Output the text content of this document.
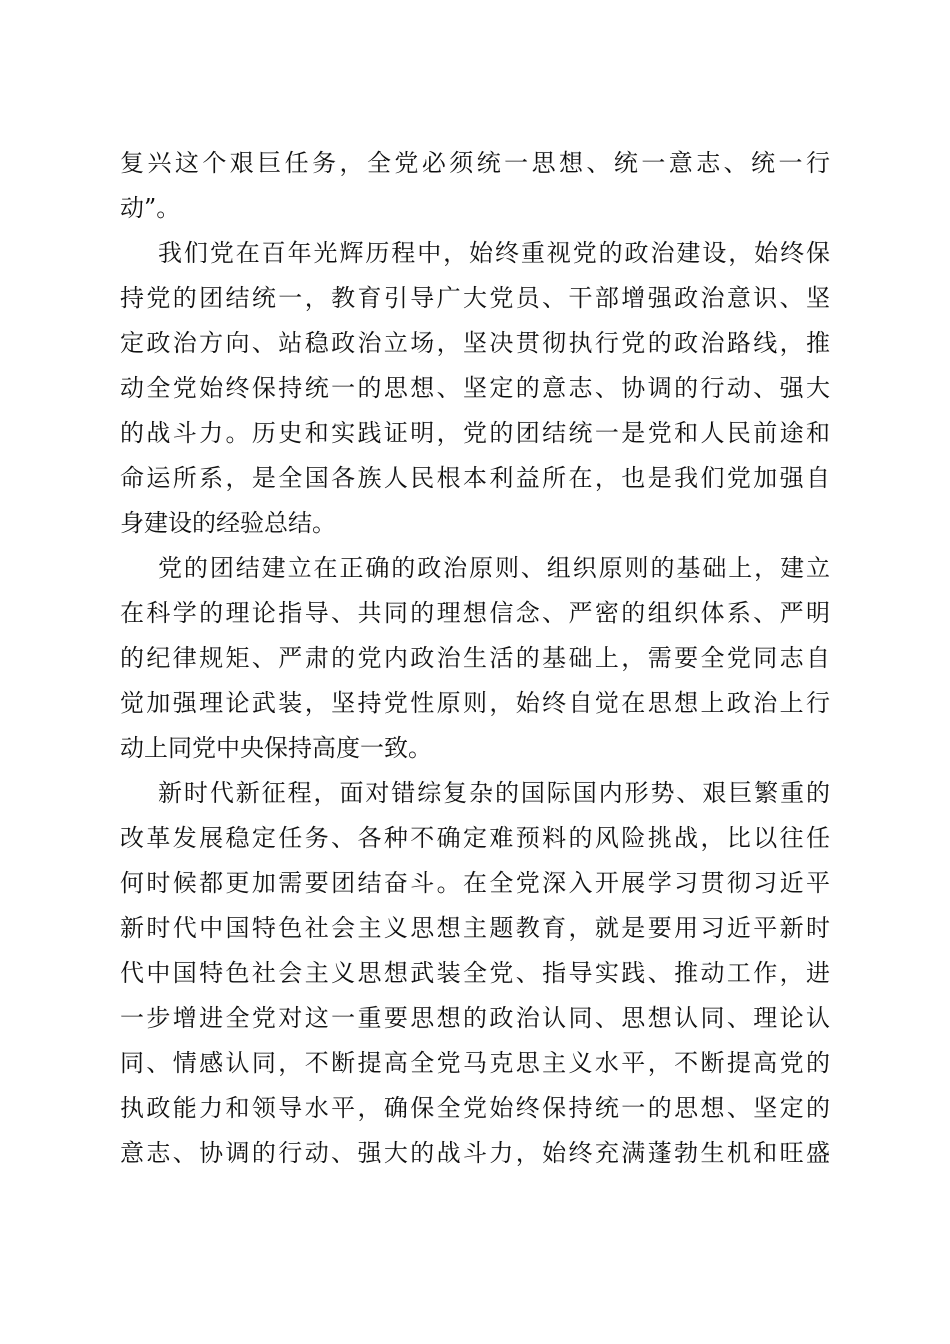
复兴这个艰巨任务，全党必须统一思想、统一意志、统一行
动”。
我们党在百年光辉历程中，始终重视党的政治建设，始终保
持党的团结统一，教育引导广大党员、干部增强政治意识、坚
定政治方向、站稳政治立场，坚决贯彻执行党的政治路线，推
动全党始终保持统一的思想、坚定的意志、协调的行动、强大
的战斗力。历史和实践证明，党的团结统一是党和人民前途和
命运所系，是全国各族人民根本利益所在，也是我们党加强自
身建设的经验总结。
党的团结建立在正确的政治原则、组织原则的基础上，建立
在科学的理论指导、共同的理想信念、严密的组织体系、严明
的纪律规矩、严肃的党内政治生活的基础上，需要全党同志自
觉加强理论武装，坚持党性原则，始终自觉在思想上政治上行
动上同党中央保持高度一致。
新时代新征程，面对错综复杂的国际国内形势、艰巨繁重的
改革发展稳定任务、各种不确定难预料的风险挑战，比以往任
何时候都更加需要团结奋斗。在全党深入开展学习贯彻习近平
新时代中国特色社会主义思想主题教育，就是要用习近平新时
代中国特色社会主义思想武装全党、指导实践、推动工作，进
一步增进全党对这一重要思想的政治认同、思想认同、理论认
同、情感认同，不断提高全党马克思主义水平，不断提高党的
执政能力和领导水平，确保全党始终保持统一的思想、坚定的
意志、协调的行动、强大的战斗力，始终充满蓬勃生机和旺盛
